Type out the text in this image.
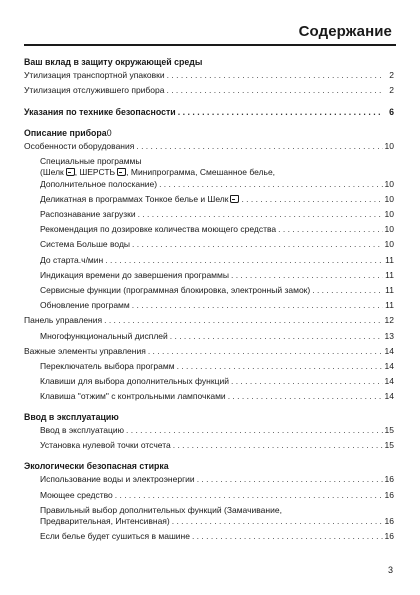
Содержание
Ваш вклад в защиту окружающей среды
Утилизация транспортной упаковки . . .	2
Утилизация отслужившего прибора . . .	2
Указания по технике безопасности . . .	6
Описание прибора 0
Особенности оборудования . . .	10
Специальные программы
(Шелк , ШЕРСТЬ , Минипрограмма, Смешанное белье,
Дополнительное полоскание) . . .	10
Деликатная в программах Тонкое белье и Шелк . . .	10
Распознавание загрузки . . .	10
Рекомендация по дозировке количества моющего средства . . .	10
Система Больше воды . . .	10
До старта.ч/мин . . .	11
Индикация времени до завершения программы . . .	11
Сервисные функции (программная блокировка, электронный замок) . . .	11
Обновление программ . . .	11
Панель управления . . .	12
Многофункциональный дисплей . . .	13
Важные элементы управления . . .	14
Переключатель выбора программ . . .	14
Клавиши для выбора дополнительных функций . . .	14
Клавиша "отжим" с контрольными лампочками . . .	14
Ввод в эксплуатацию
Ввод в эксплуатацию . . .	15
Установка нулевой точки отсчета . . .	15
Экологически безопасная стирка
Использование воды и электроэнергии . . .	16
Моющее средство . . .	16
Правильный выбор дополнительных функций (Замачивание,
Предварительная, Интенсивная) . . .	16
Если белье будет сушиться в машине . . .	16
3
